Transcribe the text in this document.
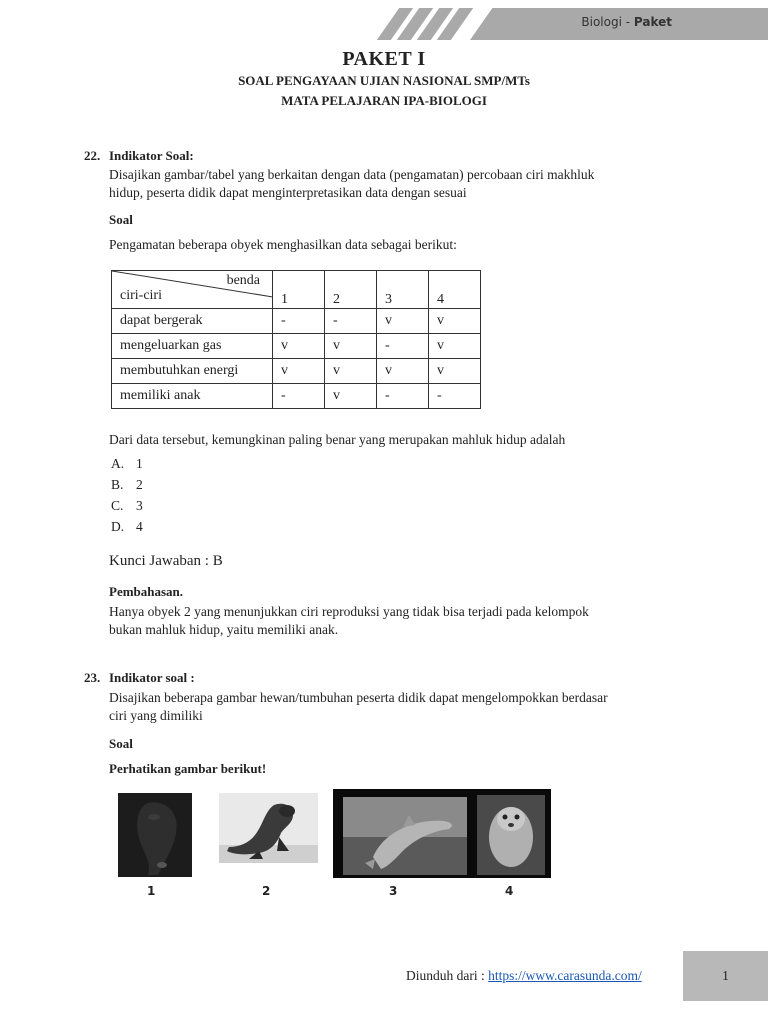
Biologi - Paket
PAKET I
SOAL PENGAYAAN UJIAN NASIONAL SMP/MTs
MATA PELAJARAN IPA-BIOLOGI
22. Indikator Soal:
Disajikan gambar/tabel yang berkaitan dengan data (pengamatan) percobaan ciri makhluk
hidup, peserta didik dapat menginterpretasikan data dengan sesuai
Soal
Pengamatan beberapa obyek menghasilkan data sebagai berikut:
benda
ciri-ciri	1	2	3	4
dapat bergerak	-	-	v	v
mengeluarkan gas	v	v	-	v
membutuhkan energi	v	v	v	v
memiliki anak	-	v	-	-
Dari data tersebut, kemungkinan paling benar yang merupakan mahluk hidup adalah
A. 1
B. 2
C. 3
D. 4
Kunci Jawaban : B
Pembahasan.
Hanya obyek 2 yang menunjukkan ciri reproduksi yang tidak bisa terjadi pada kelompok
bukan mahluk hidup, yaitu memiliki anak.
23. Indikator soal :
Disajikan beberapa gambar hewan/tumbuhan peserta didik dapat mengelompokkan berdasar
ciri yang dimiliki
Soal
Perhatikan gambar berikut!
1	2	3	4
Diunduh dari : https://www.carasunda.com/	1
